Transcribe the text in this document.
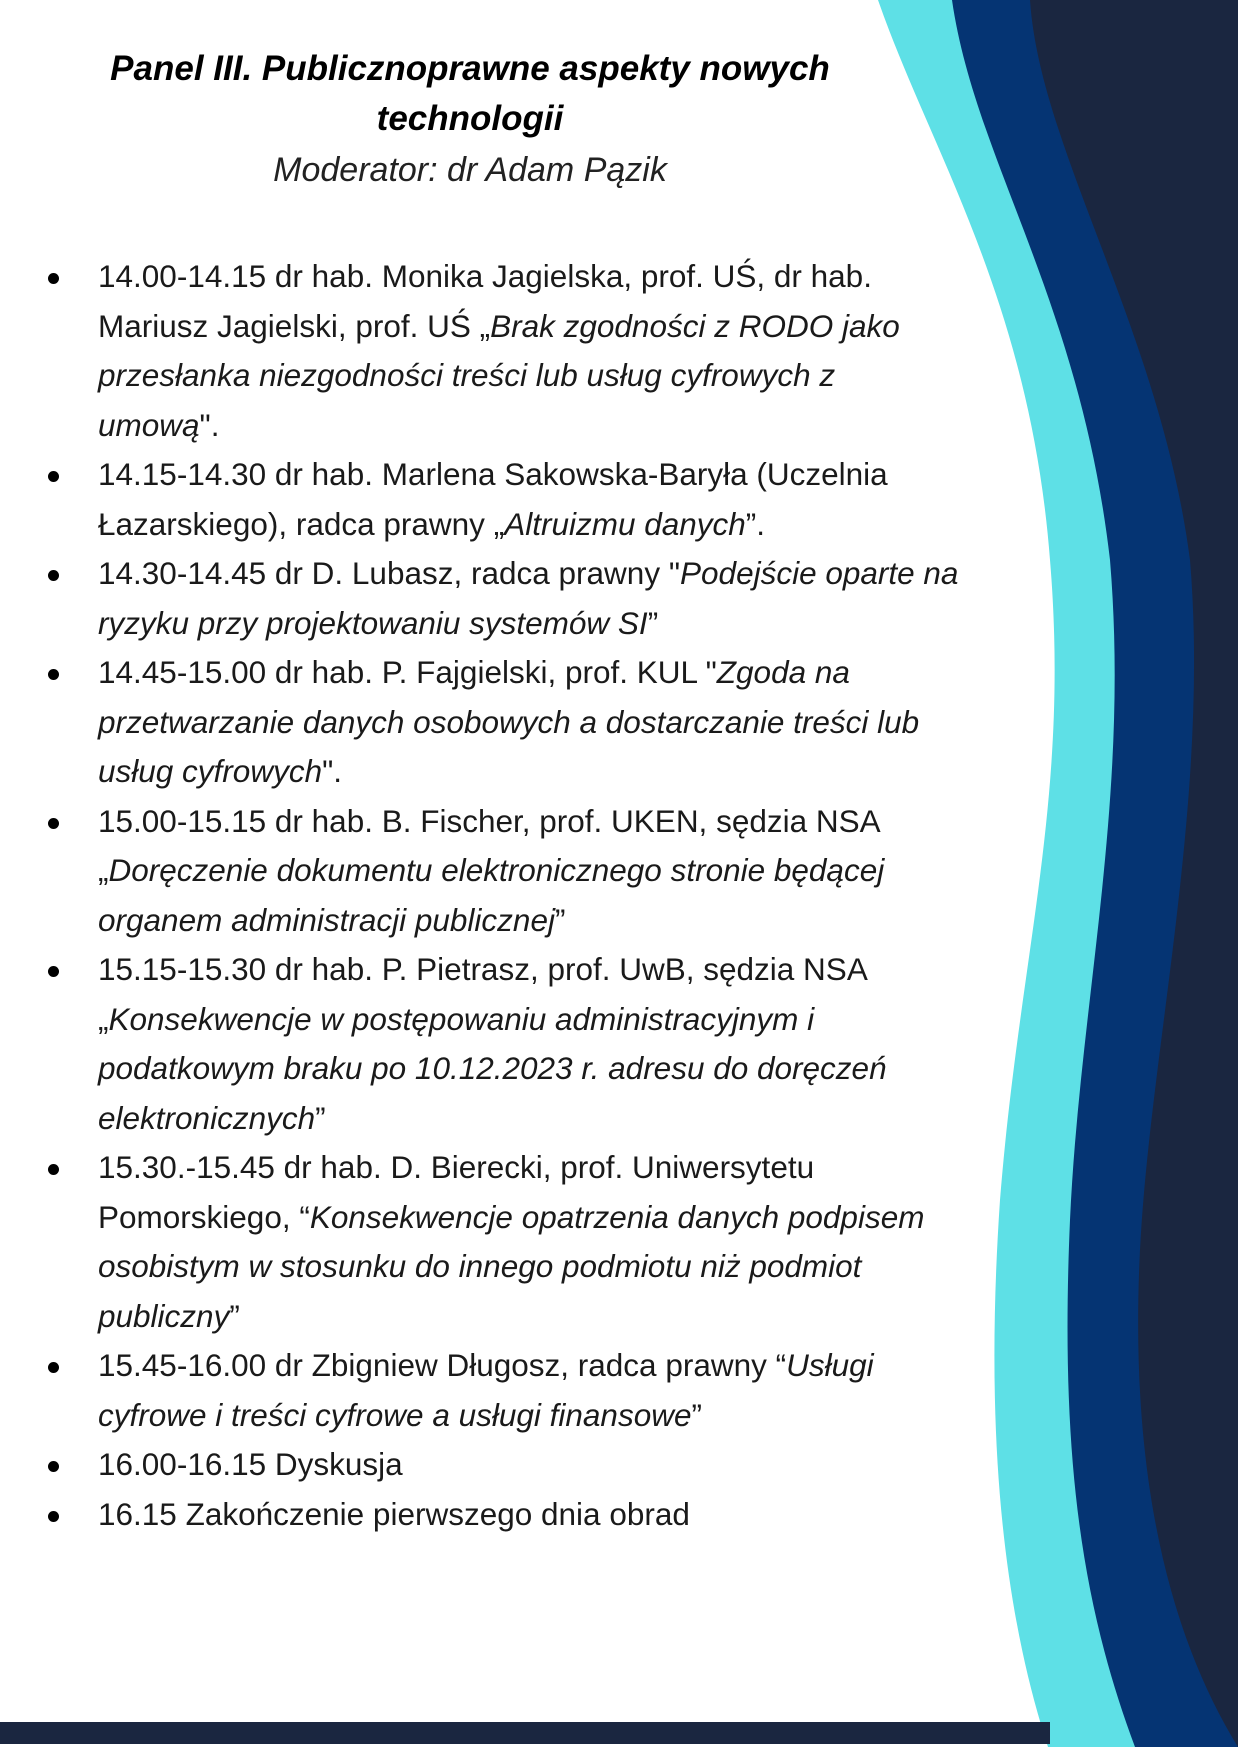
Panel III. Publicznoprawne aspekty nowych technologii

Moderator: dr Adam Pązik
14.00-14.15 dr hab. Monika Jagielska, prof. UŚ, dr hab. Mariusz Jagielski, prof. UŚ „Brak zgodności z RODO jako przesłanka niezgodności treści lub usług cyfrowych z umową".
14.15-14.30 dr hab. Marlena Sakowska-Baryła (Uczelnia Łazarskiego), radca prawny „Altruizmu danych”.
14.30-14.45 dr D. Lubasz, radca prawny "Podejście oparte na ryzyku przy projektowaniu systemów SI”
14.45-15.00 dr hab. P. Fajgielski, prof. KUL "Zgoda na przetwarzanie danych osobowych a dostarczanie treści lub usług cyfrowych".
15.00-15.15 dr hab. B. Fischer, prof. UKEN, sędzia NSA „Doręczenie dokumentu elektronicznego stronie będącej organem administracji publicznej”
15.15-15.30 dr hab. P. Pietrasz, prof. UwB, sędzia NSA „Konsekwencje w postępowaniu administracyjnym i podatkowym braku po 10.12.2023 r. adresu do doręczeń elektronicznych”
15.30.-15.45 dr hab. D. Bierecki, prof. Uniwersytetu Pomorskiego, “Konsekwencje opatrzenia danych podpisem osobistym w stosunku do innego podmiotu niż podmiot publiczny”
15.45-16.00 dr Zbigniew Długosz, radca prawny “Usługi cyfrowe i treści cyfrowe a usługi finansowe”
16.00-16.15 Dyskusja
16.15 Zakończenie pierwszego dnia obrad
